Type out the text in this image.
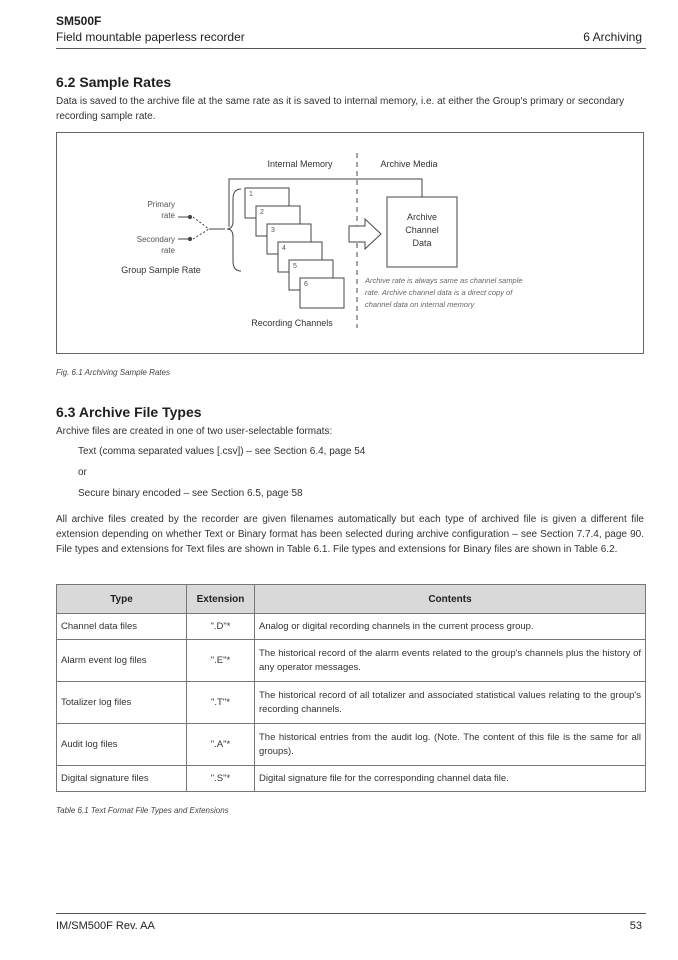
SM500F
Field mountable paperless recorder	6 Archiving
6.2 Sample Rates
Data is saved to the archive file at the same rate as it is saved to internal memory, i.e. at either the Group's primary or secondary recording sample rate.
Internal Memory	Archive Media
Primary
rate
Secondary
rate
Group Sample Rate
1
2
3
4
5
6
Recording Channels
Archive
Channel
Data
Archive rate is always same as channel sample
rate. Archive channel data is a direct copy of
channel data on internal memory
Fig. 6.1 Archiving Sample Rates
6.3 Archive File Types
Archive files are created in one of two user-selectable formats:
Text (comma separated values [.csv]) – see Section 6.4, page 54
or
Secure binary encoded – see Section 6.5, page 58
All archive files created by the recorder are given filenames automatically but each type of archived file is given a different file extension depending on whether Text or Binary format has been selected during archive configuration – see Section 7.7.4, page 90. File types and extensions for Text files are shown in Table 6.1. File types and extensions for Binary files are shown in Table 6.2.
Type	Extension	Contents
Channel data files	".D"*	Analog or digital recording channels in the current process group.
Alarm event log files	".E"*	The historical record of the alarm events related to the group's channels plus the history of any operator messages.
Totalizer log files	".T"*	The historical record of all totalizer and associated statistical values relating to the group's recording channels.
Audit log files	".A"*	The historical entries from the audit log. (Note. The content of this file is the same for all groups).
Digital signature files	".S"*	Digital signature file for the corresponding channel data file.
Table 6.1 Text Format File Types and Extensions
IM/SM500F Rev. AA	53
